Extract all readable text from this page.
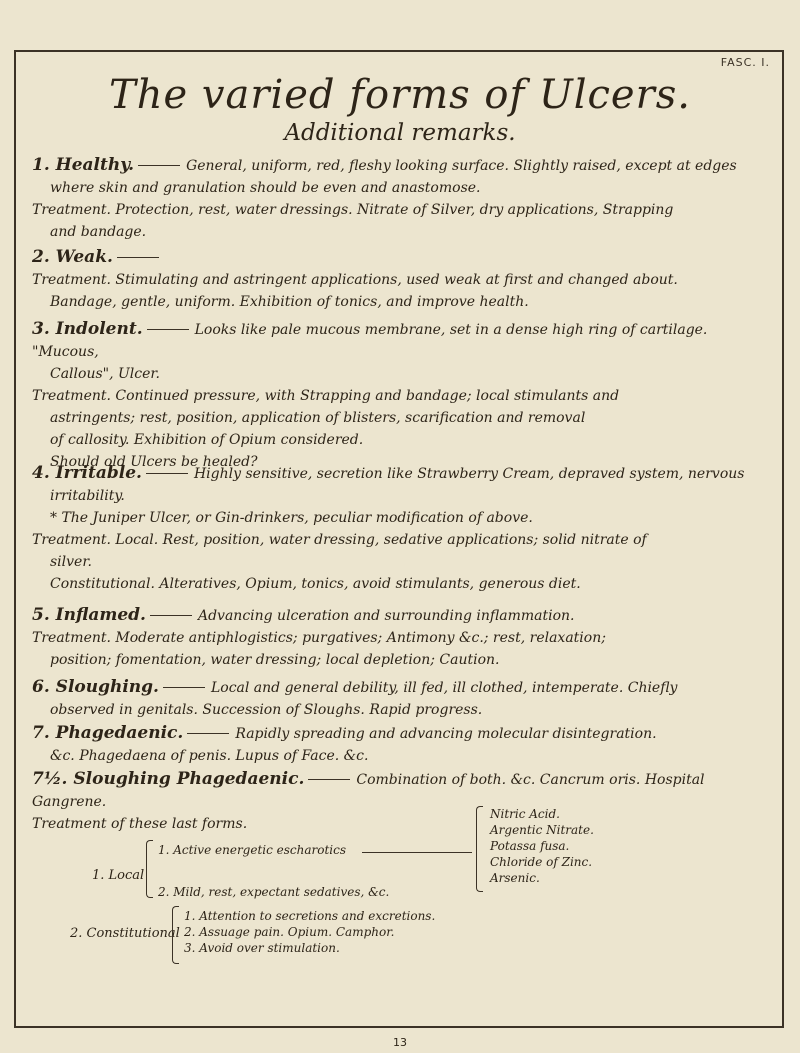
FASC. I.
The varied forms of Ulcers.
Additional remarks.
1. Healthy.	General, uniform, red, fleshy looking surface. Slightly raised, except at edges
where skin and granulation should be even and anastomose.
Treatment. Protection, rest, water dressings. Nitrate of Silver, dry applications, Strapping
and bandage.
2. Weak.
Treatment. Stimulating and astringent applications, used weak at first and changed about.
Bandage, gentle, uniform. Exhibition of tonics, and improve health.
3. Indolent.	Looks like pale mucous membrane, set in a dense high ring of cartilage. "Mucous,
Callous", Ulcer.
Treatment. Continued pressure, with Strapping and bandage; local stimulants and
astringents; rest, position, application of blisters, scarification and removal
of callosity. Exhibition of Opium considered.
Should old Ulcers be healed?
4. Irritable.	Highly sensitive, secretion like Strawberry Cream, depraved system, nervous
irritability.
* The Juniper Ulcer, or Gin-drinkers, peculiar modification of above.
Treatment. Local. Rest, position, water dressing, sedative applications; solid nitrate of
silver.
Constitutional. Alteratives, Opium, tonics, avoid stimulants, generous diet.
5. Inflamed.	Advancing ulceration and surrounding inflammation.
Treatment. Moderate antiphlogistics; purgatives; Antimony &c.; rest, relaxation;
position; fomentation, water dressing; local depletion; Caution.
6. Sloughing.	Local and general debility, ill fed, ill clothed, intemperate. Chiefly
observed in genitals. Succession of Sloughs. Rapid progress.
7. Phagedaenic.	Rapidly spreading and advancing molecular disintegration.
&c. Phagedaena of penis. Lupus of Face. &c.
7½. Sloughing Phagedaenic.	Combination of both. &c. Cancrum oris. Hospital Gangrene.
Treatment of these last forms.
1. Local
1. Active energetic escharotics
2. Mild, rest, expectant sedatives, &c.
Nitric Acid.
Argentic Nitrate.
Potassa fusa.
Chloride of Zinc.
Arsenic.
2. Constitutional
1. Attention to secretions and excretions.
2. Assuage pain. Opium. Camphor.
3. Avoid over stimulation.
13
